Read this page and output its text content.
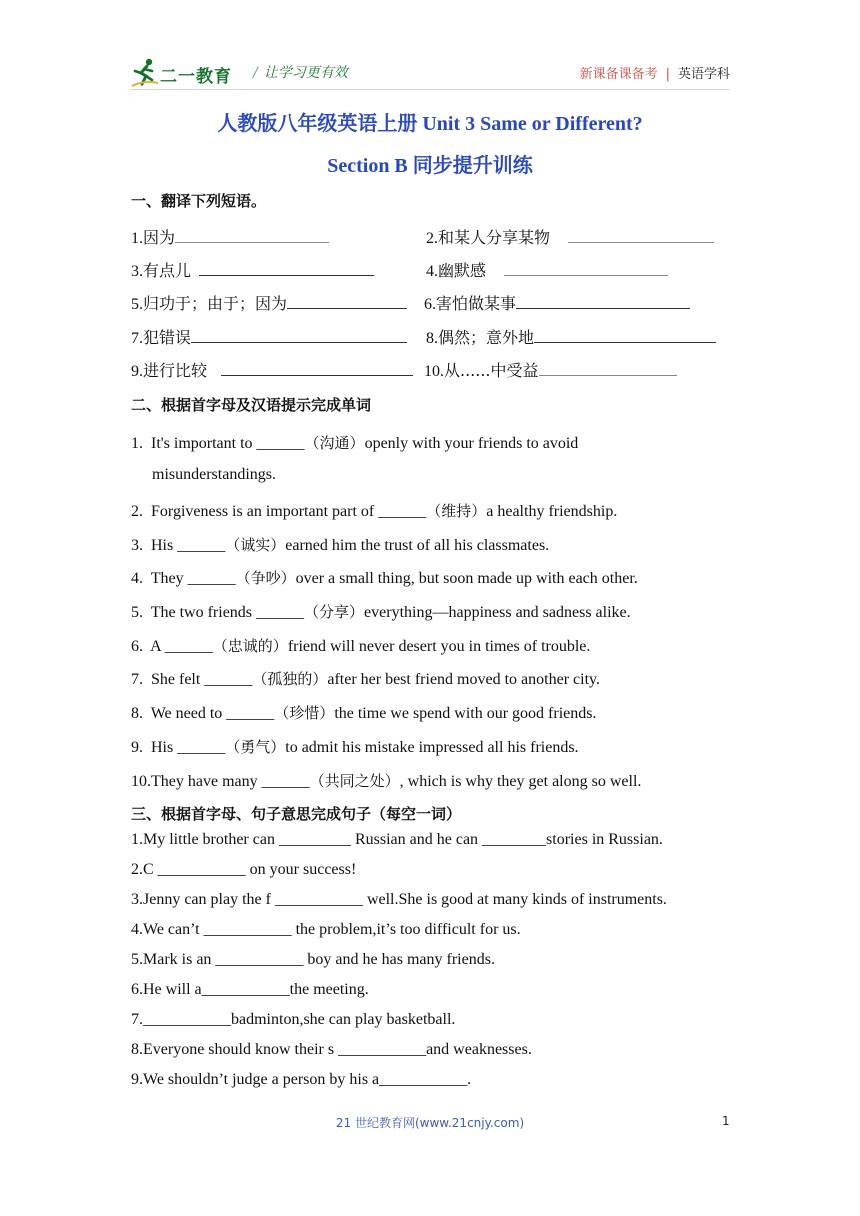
二一教育 / 让学习更有效	新课备课备考 | 英语学科
人教版八年级英语上册 Unit 3 Same or Different?
Section B 同步提升训练
一、翻译下列短语。
1.因为	2.和某人分享某物
3.有点儿	4.幽默感
5.归功于；由于；因为	6.害怕做某事
7.犯错误	8.偶然；意外地
9.进行比较	10.从......中受益
二、根据首字母及汉语提示完成单词
1. It's important to ______（沟通）openly with your friends to avoid
misunderstandings.
2. Forgiveness is an important part of ______（维持）a healthy friendship.
3. His ______（诚实）earned him the trust of all his classmates.
4. They ______（争吵）over a small thing, but soon made up with each other.
5. The two friends ______（分享）everything—happiness and sadness alike.
6. A ______（忠诚的）friend will never desert you in times of trouble.
7. She felt ______（孤独的）after her best friend moved to another city.
8. We need to ______（珍惜）the time we spend with our good friends.
9. His ______（勇气）to admit his mistake impressed all his friends.
10.They have many ______（共同之处）, which is why they get along so well.
三、根据首字母、句子意思完成句子（每空一词）
1.My little brother can _________ Russian and he can ________stories in Russian.
2.C ___________ on your success!
3.Jenny can play the f ___________ well.She is good at many kinds of instruments.
4.We can’t ___________ the problem,it’s too difficult for us.
5.Mark is an ___________ boy and he has many friends.
6.He will a___________the meeting.
7.___________badminton,she can play basketball.
8.Everyone should know their s ___________and weaknesses.
9.We shouldn’t judge a person by his a___________.
21 世纪教育网(www.21cnjy.com)	1
